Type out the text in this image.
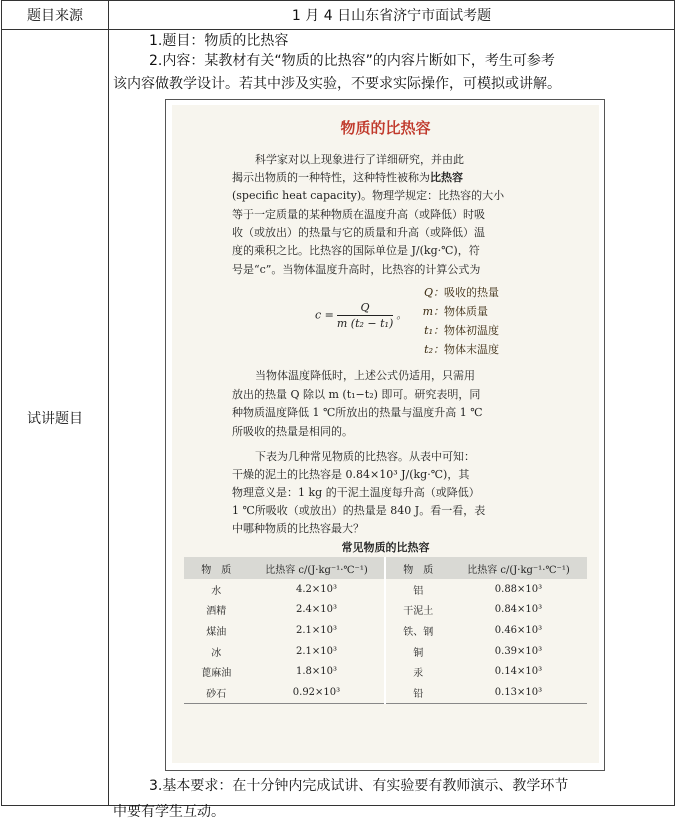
题目来源	1 月 4 日山东省济宁市面试考题
试讲题目	
1.题目：物质的比热容
2.内容：某教材有关“物质的比热容”的内容片断如下，考生可参考
该内容做教学设计。若其中涉及实验，不要求实际操作，可模拟或讲解。
物质的比热容
科学家对以上现象进行了详细研究，并由此
揭示出物质的一种特性，这种特性被称为比热容
(specific heat capacity)。物理学规定：比热容的大小
等于一定质量的某种物质在温度升高（或降低）时吸
收（或放出）的热量与它的质量和升高（或降低）温
度的乘积之比。比热容的国际单位是 J/(kg·℃)，符
号是“c”。当物体温度升高时，比热容的计算公式为
$c = \frac{Q}{\text{m (t₂ − t₁)}}$ 。
Q：吸收的热量
m：物体质量
t₁：物体初温度
t₂：物体末温度
当物体温度降低时，上述公式仍适用，只需用
放出的热量 Q 除以 m (t₁−t₂) 即可。研究表明，同
种物质温度降低 1 ℃所放出的热量与温度升高 1 ℃
所吸收的热量是相同的。
下表为几种常见物质的比热容。从表中可知：
干燥的泥土的比热容是 0.84×10³ J/(kg·℃)，其
物理意义是：1 kg 的干泥土温度每升高（或降低）
1 ℃所吸收（或放出）的热量是 840 J。看一看，表
中哪种物质的比热容最大？
常见物质的比热容
物　质	比热容 c/(J·kg⁻¹·℃⁻¹)	物　质	比热容 c/(J·kg⁻¹·℃⁻¹)
水	4.2×10³	铝	0.88×10³
酒精	2.4×10³	干泥土	0.84×10³
煤油	2.1×10³	铁、钢	0.46×10³
冰	2.1×10³	铜	0.39×10³
蓖麻油	1.8×10³	汞	0.14×10³
砂石	0.92×10³	铅	0.13×10³
3.基本要求：在十分钟内完成试讲、有实验要有教师演示、教学环节
中要有学生互动。
